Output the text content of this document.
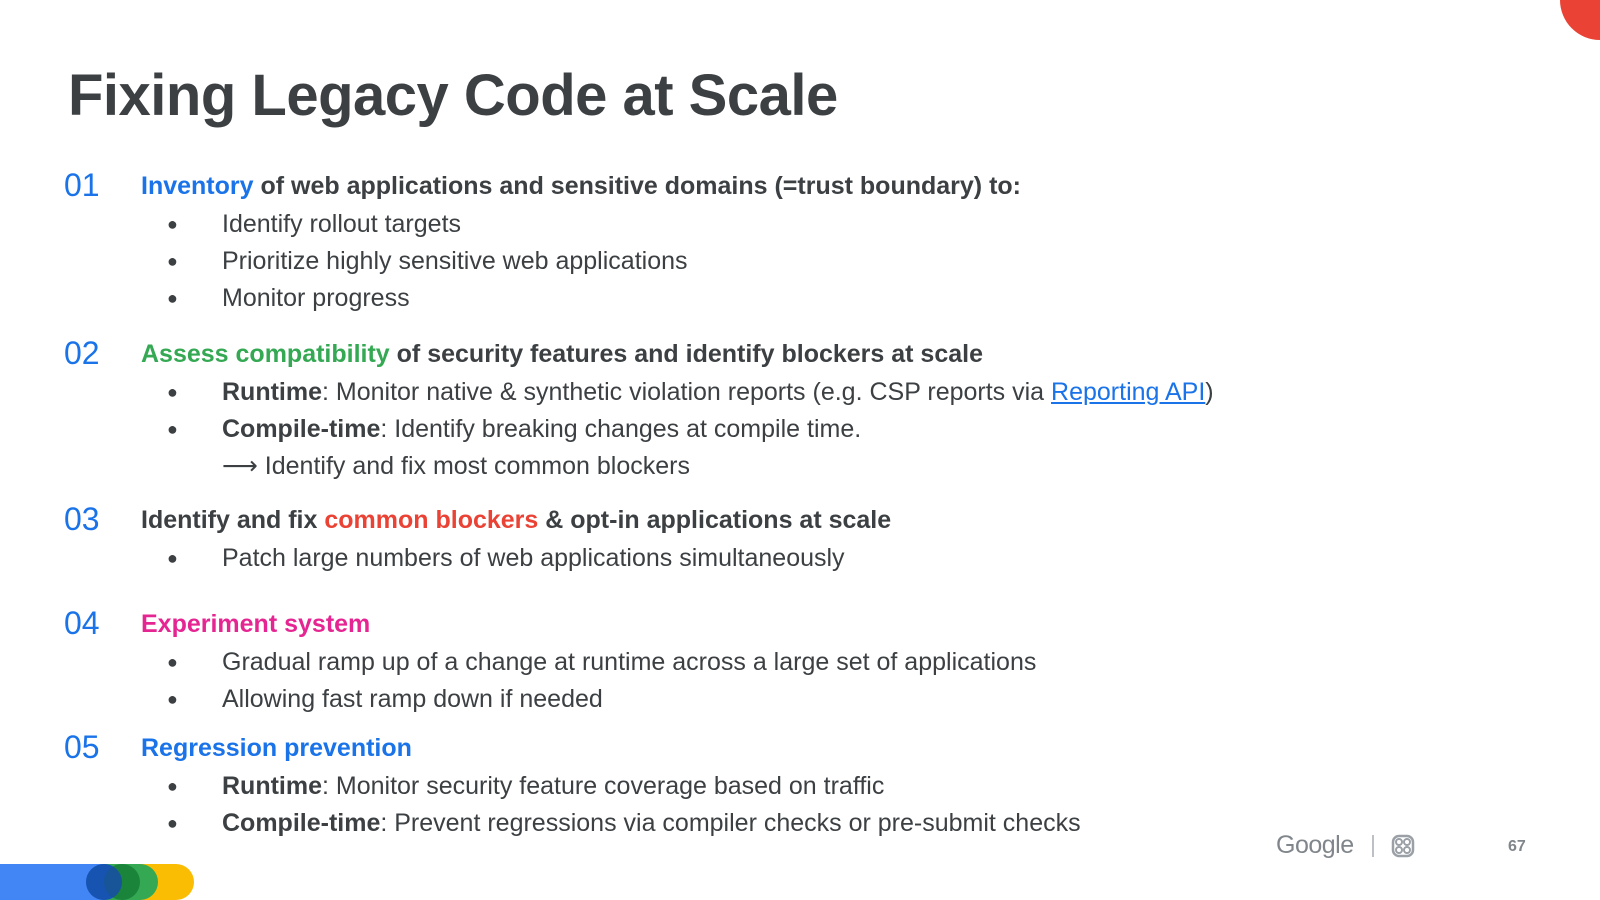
Fixing Legacy Code at Scale
01 Inventory of web applications and sensitive domains (=trust boundary) to:
● Identify rollout targets
● Prioritize highly sensitive web applications
● Monitor progress
02 Assess compatibility of security features and identify blockers at scale
● Runtime: Monitor native & synthetic violation reports (e.g. CSP reports via Reporting API)
● Compile-time: Identify breaking changes at compile time.
⟶ Identify and fix most common blockers
03 Identify and fix common blockers & opt-in applications at scale
● Patch large numbers of web applications simultaneously
04 Experiment system
● Gradual ramp up of a change at runtime across a large set of applications
● Allowing fast ramp down if needed
05 Regression prevention
● Runtime: Monitor security feature coverage based on traffic
● Compile-time: Prevent regressions via compiler checks or pre-submit checks
Google	67
